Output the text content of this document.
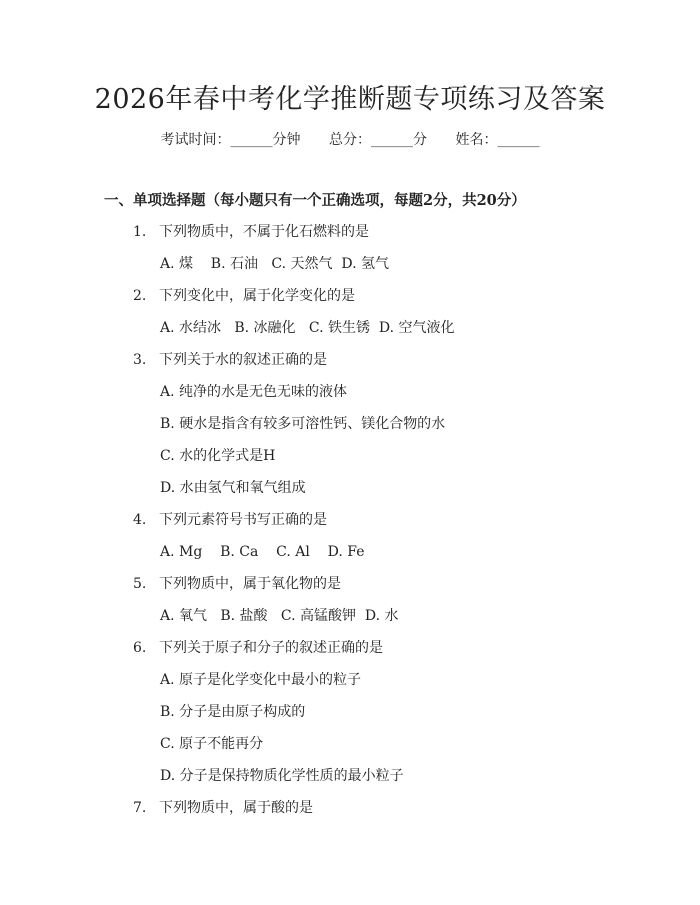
2026年春中考化学推断题专项练习及答案
考试时间：______分钟 总分：______分 姓名：______
一、单项选择题（每小题只有一个正确选项，每题2分，共20分）
1. 下列物质中，不属于化石燃料的是
A. 煤    B. 石油   C. 天然气  D. 氢气
2. 下列变化中，属于化学变化的是
A. 水结冰   B. 冰融化   C. 铁生锈  D. 空气液化
3. 下列关于水的叙述正确的是
A. 纯净的水是无色无味的液体
B. 硬水是指含有较多可溶性钙、镁化合物的水
C. 水的化学式是H
D. 水由氢气和氧气组成
4. 下列元素符号书写正确的是
A. Mg    B. Ca    C. Al    D. Fe
5. 下列物质中，属于氧化物的是
A. 氧气   B. 盐酸   C. 高锰酸钾  D. 水
6. 下列关于原子和分子的叙述正确的是
A. 原子是化学变化中最小的粒子
B. 分子是由原子构成的
C. 原子不能再分
D. 分子是保持物质化学性质的最小粒子
7. 下列物质中，属于酸的是
